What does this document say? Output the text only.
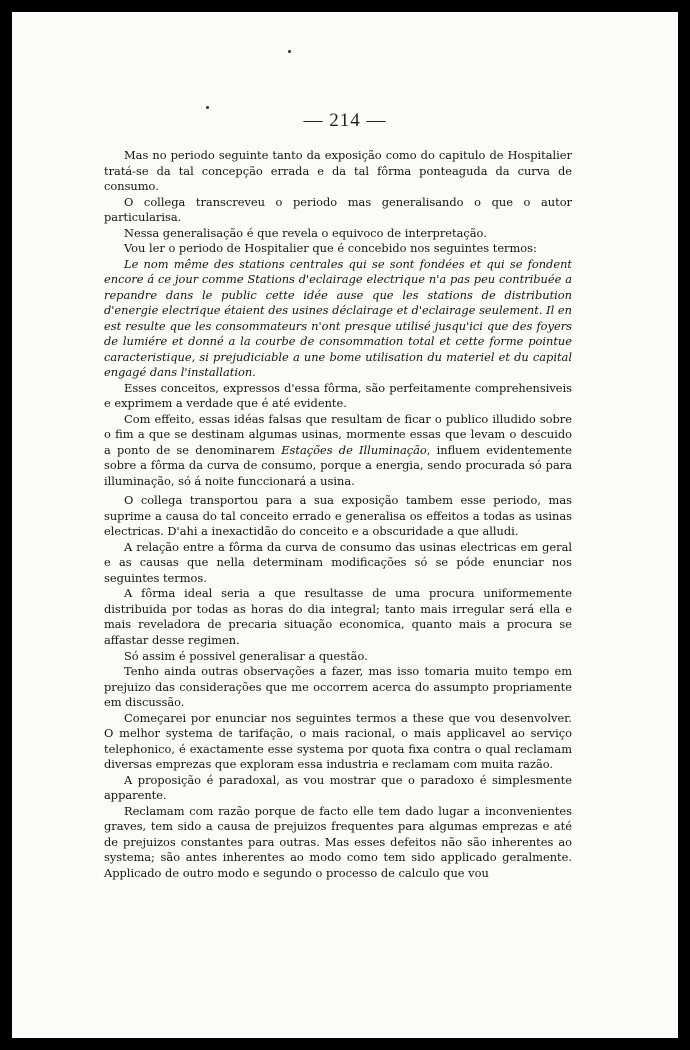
— 214 —

Mas no periodo seguinte tanto da exposição como do capitulo de Hospitalier tratá-se da tal concepção errada e da tal fôrma ponteaguda da curva de consumo.

O collega transcreveu o periodo mas generalisando o que o autor particularisa.

Nessa generalisação é que revela o equivoco de interpretação.

Vou ler o periodo de Hospitalier que é concebido nos seguintes termos:

Le nom même des stations centrales qui se sont fondées et qui se fondent encore á ce jour comme Stations d'eclairage electrique n'a pas peu contribuée a repandre dans le public cette idée ause que les stations de distribution d'energie electrique étaient des usines déclairage et d'eclairage seulement. Il en est resulte que les consommateurs n'ont presque utilisé jusqu'ici que des foyers de lumiére et donné a la courbe de consommation total et cette forme pointue caracteristique, si prejudiciable a une bome utilisation du materiel et du capital engagé dans l'installation.

Esses conceitos, expressos d'essa fôrma, são perfeitamente comprehensiveis e exprimem a verdade que é até evidente.

Com effeito, essas idéas falsas que resultam de ficar o publico illudido sobre o fim a que se destinam algumas usinas, mormente essas que levam o descuido a ponto de se denominarem Estações de Illuminação, influem evidentemente sobre a fôrma da curva de consumo, porque a energia, sendo procurada só para illuminação, só á noite funccionará a usina.

O collega transportou para a sua exposição tambem esse periodo, mas suprime a causa do tal conceito errado e generalisa os effeitos a todas as usinas electricas. D'ahi a inexactidão do conceito e a obscuridade a que alludi.

A relação entre a fôrma da curva de consumo das usinas electricas em geral e as causas que nella determinam modificações só se póde enunciar nos seguintes termos.

A fôrma ideal seria a que resultasse de uma procura uniformemente distribuida por todas as horas do dia integral; tanto mais irregular será ella e mais reveladora de precaria situação economica, quanto mais a procura se affastar desse regimen.

Só assim é possivel generalisar a questão.

Tenho ainda outras observações a fazer, mas isso tomaria muito tempo em prejuizo das considerações que me occorrem acerca do assumpto propriamente em discussão.

Começarei por enunciar nos seguintes termos a these que vou desenvolver. O melhor systema de tarifação, o mais racional, o mais applicavel ao serviço telephonico, é exactamente esse systema por quota fixa contra o qual reclamam diversas emprezas que exploram essa industria e reclamam com muita razão.

A proposição é paradoxal, as vou mostrar que o paradoxo é simplesmente apparente.

Reclamam com razão porque de facto elle tem dado lugar a inconvenientes graves, tem sido a causa de prejuizos frequentes para algumas emprezas e até de prejuizos constantes para outras. Mas esses defeitos não são inherentes ao systema; são antes inherentes ao modo como tem sido applicado geralmente. Applicado de outro modo e segundo o processo de calculo que vou
